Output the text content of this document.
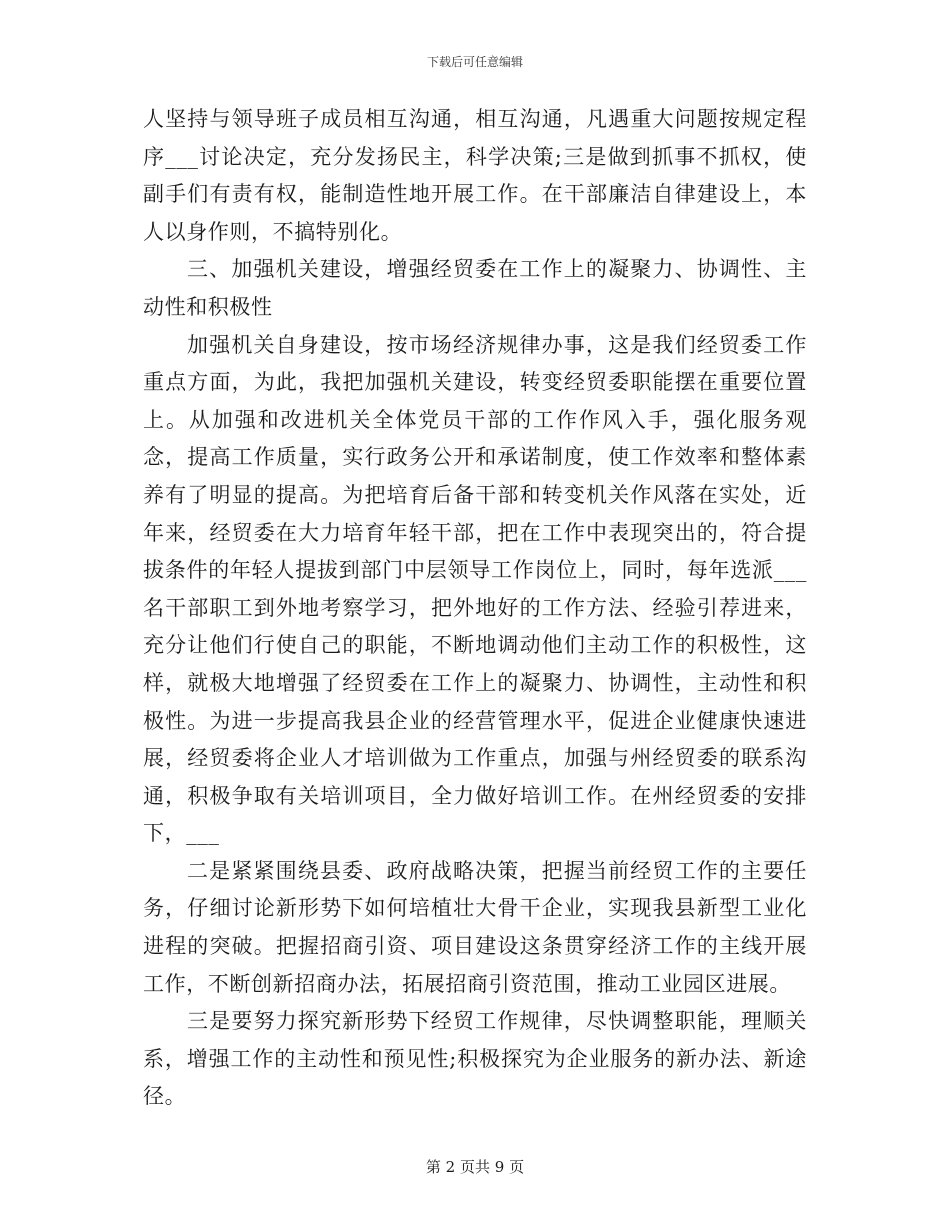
下载后可任意编辑

人坚持与领导班子成员相互沟通，相互沟通，凡遇重大问题按规定程序___讨论决定，充分发扬民主，科学决策;三是做到抓事不抓权，使副手们有责有权，能制造性地开展工作。在干部廉洁自律建设上，本人以身作则，不搞特别化。

三、加强机关建设，增强经贸委在工作上的凝聚力、协调性、主动性和积极性

加强机关自身建设，按市场经济规律办事，这是我们经贸委工作重点方面，为此，我把加强机关建设，转变经贸委职能摆在重要位置上。从加强和改进机关全体党员干部的工作作风入手，强化服务观念，提高工作质量，实行政务公开和承诺制度，使工作效率和整体素养有了明显的提高。为把培育后备干部和转变机关作风落在实处，近年来，经贸委在大力培育年轻干部，把在工作中表现突出的，符合提拔条件的年轻人提拔到部门中层领导工作岗位上，同时，每年选派___名干部职工到外地考察学习，把外地好的工作方法、经验引荐进来，充分让他们行使自己的职能，不断地调动他们主动工作的积极性，这样，就极大地增强了经贸委在工作上的凝聚力、协调性，主动性和积极性。为进一步提高我县企业的经营管理水平，促进企业健康快速进展，经贸委将企业人才培训做为工作重点，加强与州经贸委的联系沟通，积极争取有关培训项目，全力做好培训工作。在州经贸委的安排下，___

二是紧紧围绕县委、政府战略决策，把握当前经贸工作的主要任务，仔细讨论新形势下如何培植壮大骨干企业，实现我县新型工业化进程的突破。把握招商引资、项目建设这条贯穿经济工作的主线开展工作，不断创新招商办法，拓展招商引资范围，推动工业园区进展。

三是要努力探究新形势下经贸工作规律，尽快调整职能，理顺关系，增强工作的主动性和预见性;积极探究为企业服务的新办法、新途径。

第 2 页共 9 页
